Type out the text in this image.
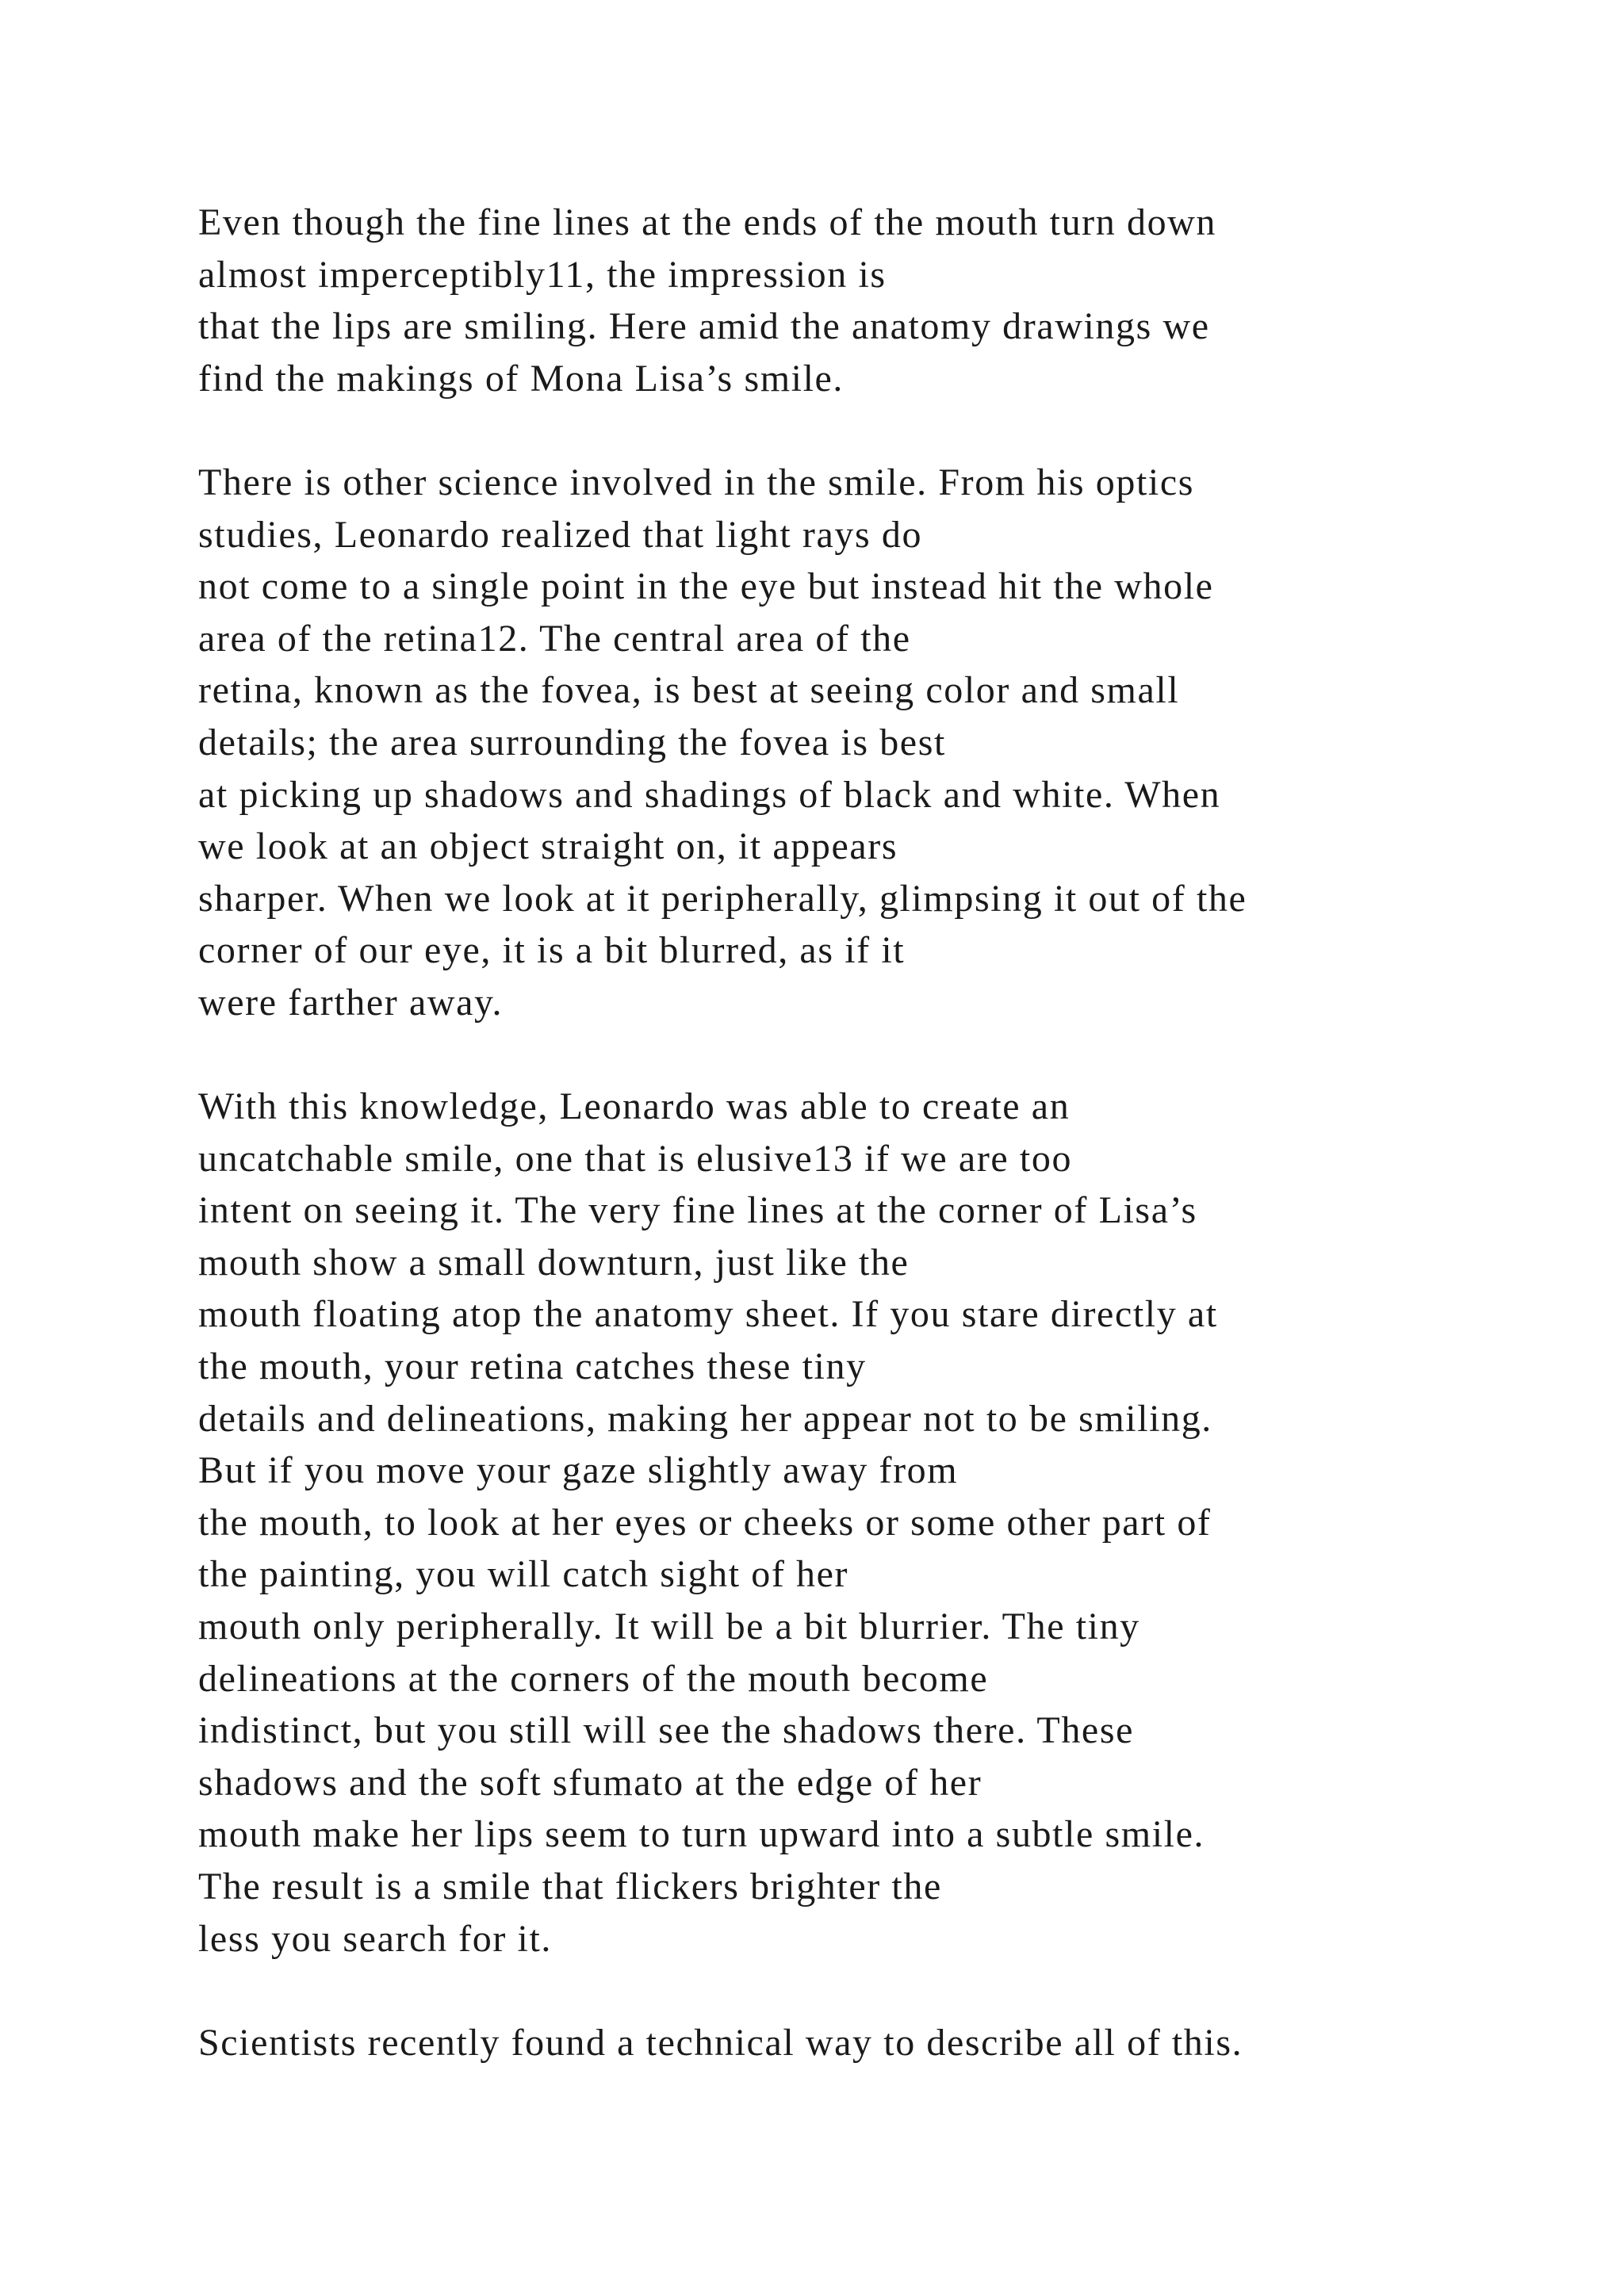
Even though the fine lines at the ends of the mouth turn down
almost imperceptibly11, the impression is
that the lips are smiling. Here amid the anatomy drawings we
find the makings of Mona Lisa’s smile.

There is other science involved in the smile. From his optics
studies, Leonardo realized that light rays do
not come to a single point in the eye but instead hit the whole
area of the retina12. The central area of the
retina, known as the fovea, is best at seeing color and small
details; the area surrounding the fovea is best
at picking up shadows and shadings of black and white. When
we look at an object straight on, it appears
sharper. When we look at it peripherally, glimpsing it out of the
corner of our eye, it is a bit blurred, as if it
were farther away.

With this knowledge, Leonardo was able to create an
uncatchable smile, one that is elusive13 if we are too
intent on seeing it. The very fine lines at the corner of Lisa’s
mouth show a small downturn, just like the
mouth floating atop the anatomy sheet. If you stare directly at
the mouth, your retina catches these tiny
details and delineations, making her appear not to be smiling.
But if you move your gaze slightly away from
the mouth, to look at her eyes or cheeks or some other part of
the painting, you will catch sight of her
mouth only peripherally. It will be a bit blurrier. The tiny
delineations at the corners of the mouth become
indistinct, but you still will see the shadows there. These
shadows and the soft sfumato at the edge of her
mouth make her lips seem to turn upward into a subtle smile.
The result is a smile that flickers brighter the
less you search for it.

Scientists recently found a technical way to describe all of this.
